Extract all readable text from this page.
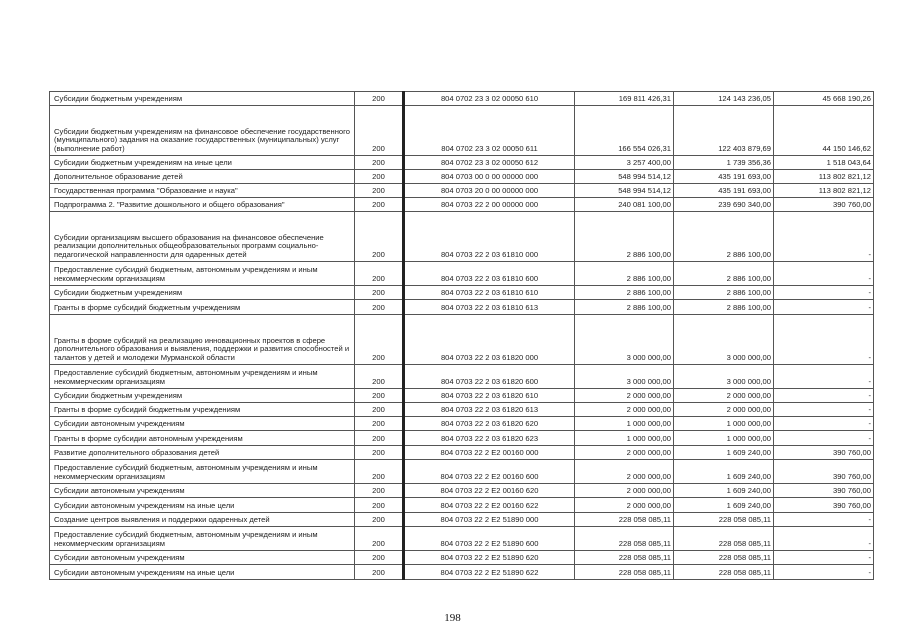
Субсидии бюджетным учреждениям	200	804 0702 23 3 02 00050 610	169 811 426,31	124 143 236,05	45 668 190,26
Субсидии бюджетным учреждениям на финансовое обеспечение государственного (муниципального) задания на оказание государственных (муниципальных) услуг (выполнение работ)	200	804 0702 23 3 02 00050 611	166 554 026,31	122 403 879,69	44 150 146,62
Субсидии бюджетным учреждениям на иные цели	200	804 0702 23 3 02 00050 612	3 257 400,00	1 739 356,36	1 518 043,64
Дополнительное образование детей	200	804 0703 00 0 00 00000 000	548 994 514,12	435 191 693,00	113 802 821,12
Государственная программа "Образование и наука"	200	804 0703 20 0 00 00000 000	548 994 514,12	435 191 693,00	113 802 821,12
Подпрограмма 2. "Развитие дошкольного и общего образования"	200	804 0703 22 2 00 00000 000	240 081 100,00	239 690 340,00	390 760,00
Субсидии организациям высшего образования на финансовое обеспечение реализации дополнительных общеобразовательных программ социально-педагогической направленности для одаренных детей	200	804 0703 22 2 03 61810 000	2 886 100,00	2 886 100,00	-
Предоставление субсидий бюджетным, автономным учреждениям и иным некоммерческим организациям	200	804 0703 22 2 03 61810 600	2 886 100,00	2 886 100,00	-
Субсидии бюджетным учреждениям	200	804 0703 22 2 03 61810 610	2 886 100,00	2 886 100,00	-
Гранты в форме субсидий бюджетным учреждениям	200	804 0703 22 2 03 61810 613	2 886 100,00	2 886 100,00	-
Гранты в форме субсидий на реализацию инновационных проектов в сфере дополнительного образования и выявления, поддержки и развития способностей и талантов у детей и молодежи Мурманской области	200	804 0703 22 2 03 61820 000	3 000 000,00	3 000 000,00	-
Предоставление субсидий бюджетным, автономным учреждениям и иным некоммерческим организациям	200	804 0703 22 2 03 61820 600	3 000 000,00	3 000 000,00	-
Субсидии бюджетным учреждениям	200	804 0703 22 2 03 61820 610	2 000 000,00	2 000 000,00	-
Гранты в форме субсидий бюджетным учреждениям	200	804 0703 22 2 03 61820 613	2 000 000,00	2 000 000,00	-
Субсидии автономным учреждениям	200	804 0703 22 2 03 61820 620	1 000 000,00	1 000 000,00	-
Гранты в форме субсидии автономным учреждениям	200	804 0703 22 2 03 61820 623	1 000 000,00	1 000 000,00	-
Развитие дополнительного образования детей	200	804 0703 22 2 E2 00160 000	2 000 000,00	1 609 240,00	390 760,00
Предоставление субсидий бюджетным, автономным учреждениям и иным некоммерческим организациям	200	804 0703 22 2 E2 00160 600	2 000 000,00	1 609 240,00	390 760,00
Субсидии автономным учреждениям	200	804 0703 22 2 E2 00160 620	2 000 000,00	1 609 240,00	390 760,00
Субсидии автономным учреждениям на иные цели	200	804 0703 22 2 E2 00160 622	2 000 000,00	1 609 240,00	390 760,00
Создание центров выявления и поддержки одаренных детей	200	804 0703 22 2 E2 51890 000	228 058 085,11	228 058 085,11	-
Предоставление субсидий бюджетным, автономным учреждениям и иным некоммерческим организациям	200	804 0703 22 2 E2 51890 600	228 058 085,11	228 058 085,11	-
Субсидии автономным учреждениям	200	804 0703 22 2 E2 51890 620	228 058 085,11	228 058 085,11	-
Субсидии автономным учреждениям на иные цели	200	804 0703 22 2 E2 51890 622	228 058 085,11	228 058 085,11	-
198
